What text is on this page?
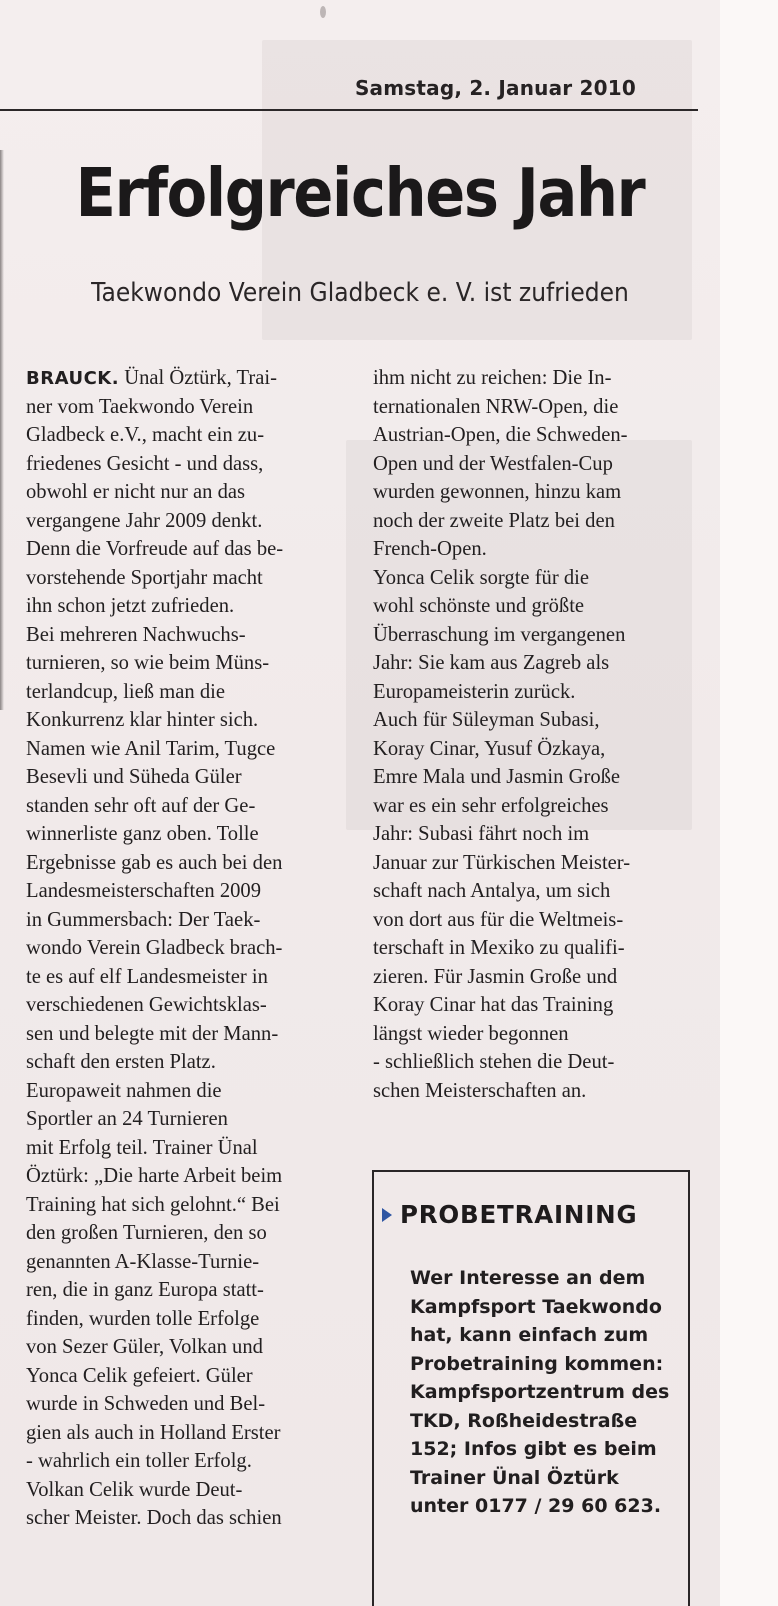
Samstag, 2. Januar 2010
Erfolgreiches Jahr
Taekwondo Verein Gladbeck e. V. ist zufrieden
BRAUCK. Ünal Öztürk, Trai-
ner vom Taekwondo Verein
Gladbeck e.V., macht ein zu-
friedenes Gesicht - und dass,
obwohl er nicht nur an das
vergangene Jahr 2009 denkt.
Denn die Vorfreude auf das be-
vorstehende Sportjahr macht
ihn schon jetzt zufrieden.
Bei mehreren Nachwuchs-
turnieren, so wie beim Müns-
terlandcup, ließ man die
Konkurrenz klar hinter sich.
Namen wie Anil Tarim, Tugce
Besevli und Süheda Güler
standen sehr oft auf der Ge-
winnerliste ganz oben. Tolle
Ergebnisse gab es auch bei den
Landesmeisterschaften 2009
in Gummersbach: Der Taek-
wondo Verein Gladbeck brach-
te es auf elf Landesmeister in
verschiedenen Gewichtsklas-
sen und belegte mit der Mann-
schaft den ersten Platz.
Europaweit nahmen die
Sportler an 24 Turnieren
mit Erfolg teil. Trainer Ünal
Öztürk: „Die harte Arbeit beim
Training hat sich gelohnt.“ Bei
den großen Turnieren, den so
genannten A-Klasse-Turnie-
ren, die in ganz Europa statt-
finden, wurden tolle Erfolge
von Sezer Güler, Volkan und
Yonca Celik gefeiert. Güler
wurde in Schweden und Bel-
gien als auch in Holland Erster
- wahrlich ein toller Erfolg.
Volkan Celik wurde Deut-
scher Meister. Doch das schien
ihm nicht zu reichen: Die In-
ternationalen NRW-Open, die
Austrian-Open, die Schweden-
Open und der Westfalen-Cup
wurden gewonnen, hinzu kam
noch der zweite Platz bei den
French-Open.
Yonca Celik sorgte für die
wohl schönste und größte
Überraschung im vergangenen
Jahr: Sie kam aus Zagreb als
Europameisterin zurück.
Auch für Süleyman Subasi,
Koray Cinar, Yusuf Özkaya,
Emre Mala und Jasmin Große
war es ein sehr erfolgreiches
Jahr: Subasi fährt noch im
Januar zur Türkischen Meister-
schaft nach Antalya, um sich
von dort aus für die Weltmeis-
terschaft in Mexiko zu qualifi-
zieren. Für Jasmin Große und
Koray Cinar hat das Training
längst wieder begonnen
- schließlich stehen die Deut-
schen Meisterschaften an.
PROBETRAINING
Wer Interesse an dem
Kampfsport Taekwondo
hat, kann einfach zum
Probetraining kommen:
Kampfsportzentrum des
TKD, Roßheidestraße
152; Infos gibt es beim
Trainer Ünal Öztürk
unter 0177 / 29 60 623.
